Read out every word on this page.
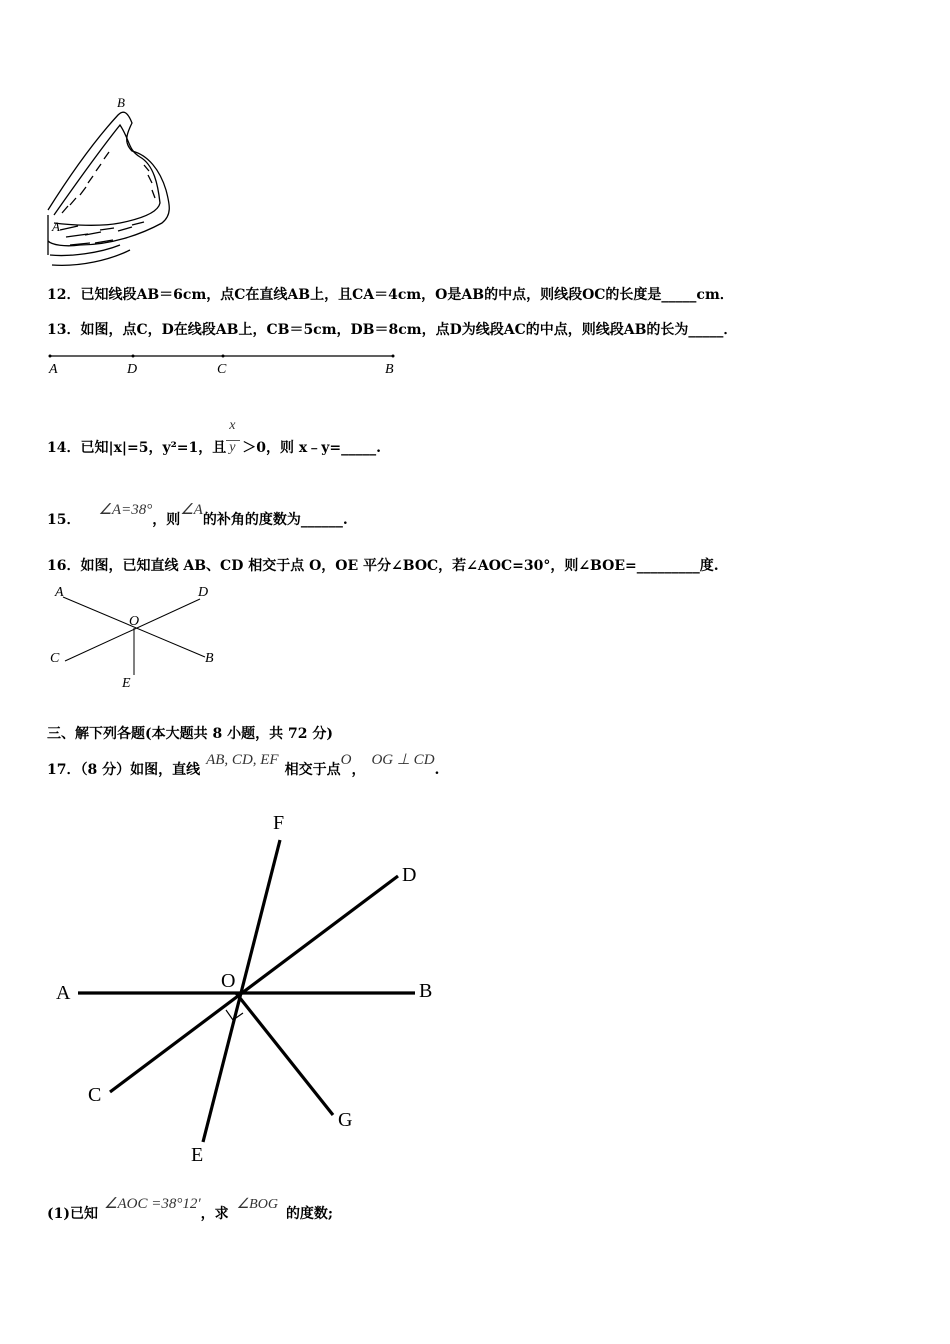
B
A
12．已知线段AB＝6cm，点C在直线AB上，且CA＝4cm，O是AB的中点，则线段OC的长度是_____cm．
13．如图，点C，D在线段AB上，CB＝5cm，DB＝8cm，点D为线段AC的中点，则线段AB的长为_____．
A	D	C	B
14．已知|x|=5，y²=1，且 $\frac{x}{y} >0$，则 x﹣y=_____.
15．∠A=38°，则∠A的补角的度数为______.
16．如图，已知直线 AB、CD 相交于点 O，OE 平分∠BOC，若∠AOC=30°，则∠BOE=_________度.
A	D
O
C	B
E
三、解下列各题(本大题共 8 小题，共 72 分)
17．（8 分）如图，直线AB, CD, EF相交于点O，OG ⊥ CD.
F
D
A
O	B
C
G
E
(1)已知∠AOC =38°12′，求∠BOG的度数;
